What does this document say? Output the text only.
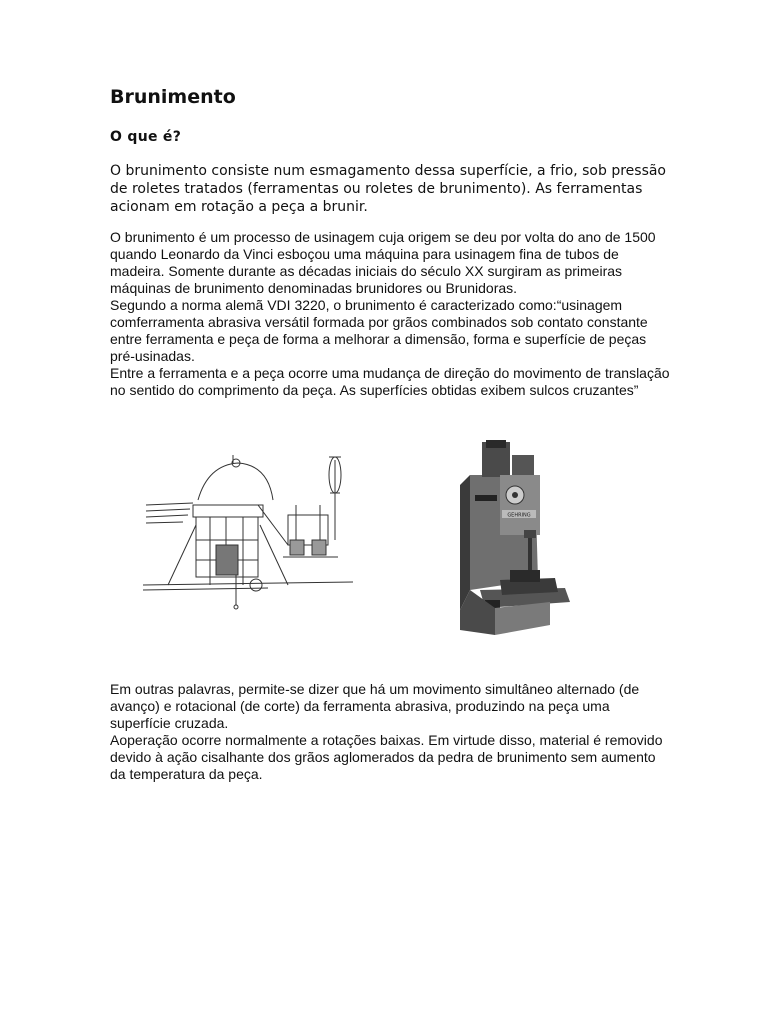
Brunimento
O que é?

O brunimento consiste num esmagamento dessa superfície, a frio, sob pressão de roletes tratados (ferramentas ou roletes de brunimento). As ferramentas acionam em rotação a peça a brunir.

O brunimento é um processo de usinagem cuja origem se deu por volta do ano de 1500 quando Leonardo da Vinci esboçou uma máquina para usinagem fina de tubos de madeira. Somente durante as décadas iniciais do século XX surgiram as primeiras máquinas de brunimento denominadas brunidores ou Brunidoras.

Segundo a norma alemã VDI 3220, o brunimento é caracterizado como:“usinagem comferramenta abrasiva versátil formada por grãos combinados sob contato constante entre ferramenta e peça de forma a melhorar a dimensão, forma e superfície de peças pré-usinadas.

Entre a ferramenta e a peça ocorre uma mudança de direção do movimento de translação no sentido do comprimento da peça. As superfícies obtidas exibem sulcos cruzantes”

GEHRING

Em outras palavras, permite-se dizer que há um movimento simultâneo alternado (de avanço) e rotacional (de corte) da ferramenta abrasiva, produzindo na peça uma superfície cruzada.

Aoperação ocorre normalmente a rotações baixas. Em virtude disso, material é removido devido à ação cisalhante dos grãos aglomerados da pedra de brunimento sem aumento da temperatura da peça.
